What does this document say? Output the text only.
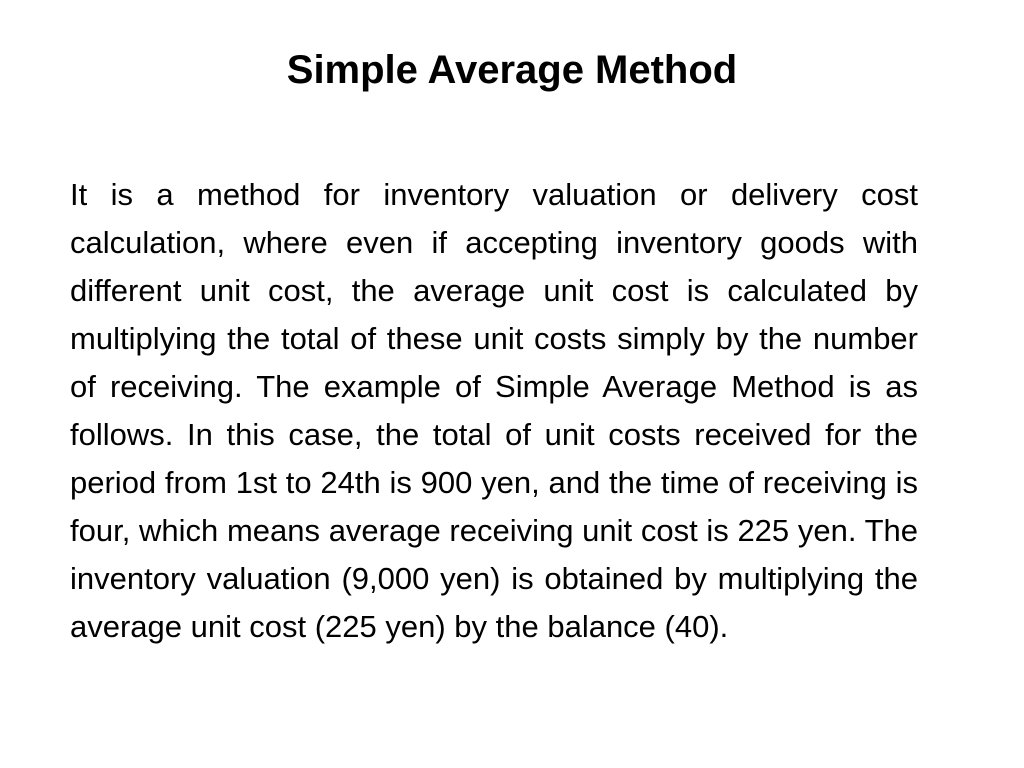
Simple Average Method

It is a method for inventory valuation or delivery cost calculation, where even if accepting inventory goods with different unit cost, the average unit cost is calculated by multiplying the total of these unit costs simply by the number of receiving. The example of Simple Average Method is as follows. In this case, the total of unit costs received for the period from 1st to 24th is 900 yen, and the time of receiving is four, which means average receiving unit cost is 225 yen. The inventory valuation (9,000 yen) is obtained by multiplying the average unit cost (225 yen) by the balance (40).
